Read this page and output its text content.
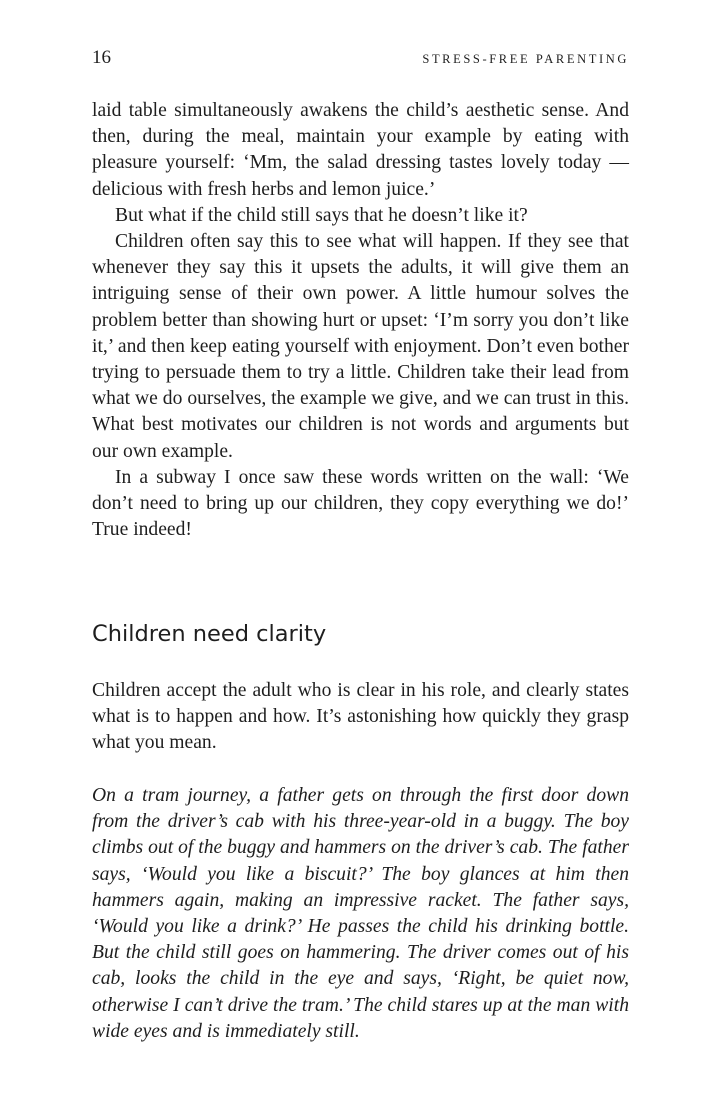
16	STRESS-FREE PARENTING

laid table simultaneously awakens the child’s aesthetic sense. And then, during the meal, maintain your example by eating with pleasure yourself: ‘Mm, the salad dressing tastes lovely today — delicious with fresh herbs and lemon juice.’

But what if the child still says that he doesn’t like it?

Children often say this to see what will happen. If they see that whenever they say this it upsets the adults, it will give them an intriguing sense of their own power. A little humour solves the problem better than showing hurt or upset: ‘I’m sorry you don’t like it,’ and then keep eating yourself with enjoyment. Don’t even bother trying to persuade them to try a little. Children take their lead from what we do ourselves, the example we give, and we can trust in this. What best motivates our children is not words and arguments but our own example.

In a subway I once saw these words written on the wall: ‘We don’t need to bring up our children, they copy everything we do!’ True indeed!

Children need clarity

Children accept the adult who is clear in his role, and clearly states what is to happen and how. It’s astonishing how quickly they grasp what you mean.

On a tram journey, a father gets on through the first door down from the driver’s cab with his three-year-old in a buggy. The boy climbs out of the buggy and hammers on the driver’s cab. The father says, ‘Would you like a biscuit?’ The boy glances at him then hammers again, making an impressive racket. The father says, ‘Would you like a drink?’ He passes the child his drinking bottle. But the child still goes on hammering. The driver comes out of his cab, looks the child in the eye and says, ‘Right, be quiet now, otherwise I can’t drive the tram.’ The child stares up at the man with wide eyes and is immediately still.
